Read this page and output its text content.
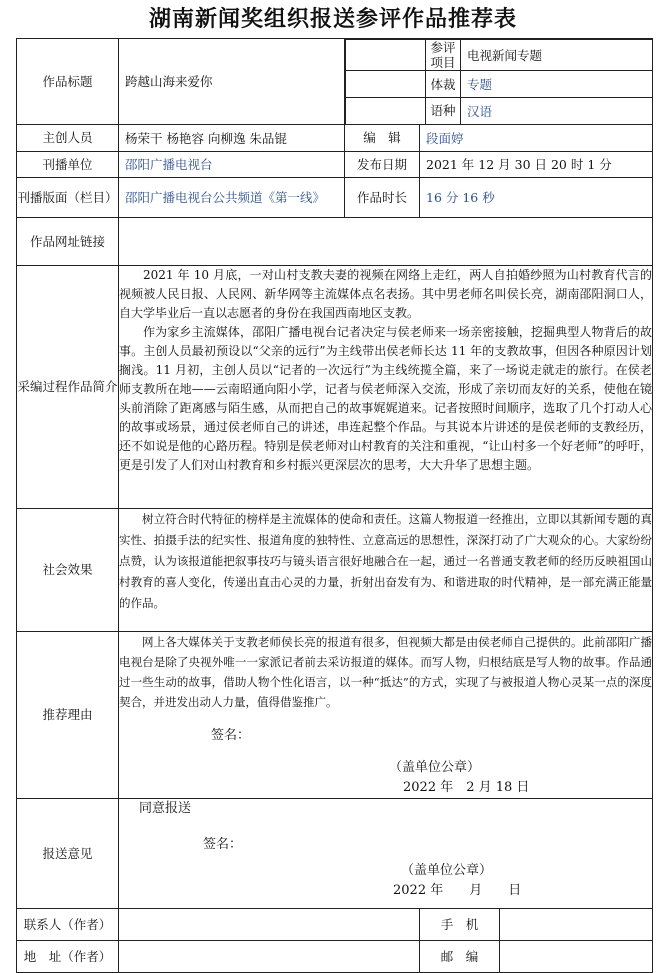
湖南新闻奖组织报送参评作品推荐表
作品标题	跨越山海来爱你	
	参评项目	电视新闻专题
	体裁	专题
	语种	汉语

主创人员	杨荣干 杨艳容 向柳逸 朱品锟	编　辑	段面婷
刊播单位	邵阳广播电视台	发布日期	2021 年 12 月 30 日 20 时 1 分
刊播版面（栏目）	邵阳广播电视台公共频道《第一线》	作品时长	16 分 16 秒
作品网址链接	
采编过程作品简介	

2021 年 10 月底，一对山村支教夫妻的视频在网络上走红，两人自拍婚纱照为山村教育代言的视频被人民日报、人民网、新华网等主流媒体点名表扬。其中男老师名叫侯长亮，湖南邵阳洞口人，自大学毕业后一直以志愿者的身份在我国西南地区支教。

作为家乡主流媒体，邵阳广播电视台记者决定与侯老师来一场亲密接触，挖掘典型人物背后的故事。主创人员最初预设以“父亲的远行”为主线带出侯老师长达 11 年的支教故事，但因各种原因计划搁浅。11 月初，主创人员以“记者的一次远行”为主线统揽全篇，来了一场说走就走的旅行。在侯老师支教所在地——云南昭通向阳小学，记者与侯老师深入交流，形成了亲切而友好的关系，使他在镜头前消除了距离感与陌生感，从而把自己的故事娓娓道来。记者按照时间顺序，选取了几个打动人心的故事或场景，通过侯老师自己的讲述，串连起整个作品。与其说本片讲述的是侯老师的支教经历，还不如说是他的心路历程。特别是侯老师对山村教育的关注和重视，“让山村多一个好老师”的呼吁，更是引发了人们对山村教育和乡村振兴更深层次的思考，大大升华了思想主题。

社会效果	

树立符合时代特征的榜样是主流媒体的使命和责任。这篇人物报道一经推出，立即以其新闻专题的真实性、拍摄手法的纪实性、报道角度的独特性、立意高远的思想性，深深打动了广大观众的心。大家纷纷点赞，认为该报道能把叙事技巧与镜头语言很好地融合在一起，通过一名普通支教老师的经历反映祖国山村教育的喜人变化，传递出直击心灵的力量，折射出奋发有为、和谐进取的时代精神，是一部充满正能量的作品。

推荐理由	

网上各大媒体关于支教老师侯长亮的报道有很多，但视频大都是由侯老师自己提供的。此前邵阳广播电视台是除了央视外唯一一家派记者前去采访报道的媒体。而写人物，归根结底是写人物的故事。作品通过一些生动的故事，借助人物个性化语言，以一种“抵达”的方式，实现了与被报道人物心灵某一点的深度契合，并进发出动人力量，值得借鉴推广。

签名：
（盖单位公章）
2022 年　2 月 18 日

报送意见	
同意报送
签名：
（盖单位公章）
2022 年　　月　　日

联系人（作者）		手　机	
地　址（作者）		邮　编	
